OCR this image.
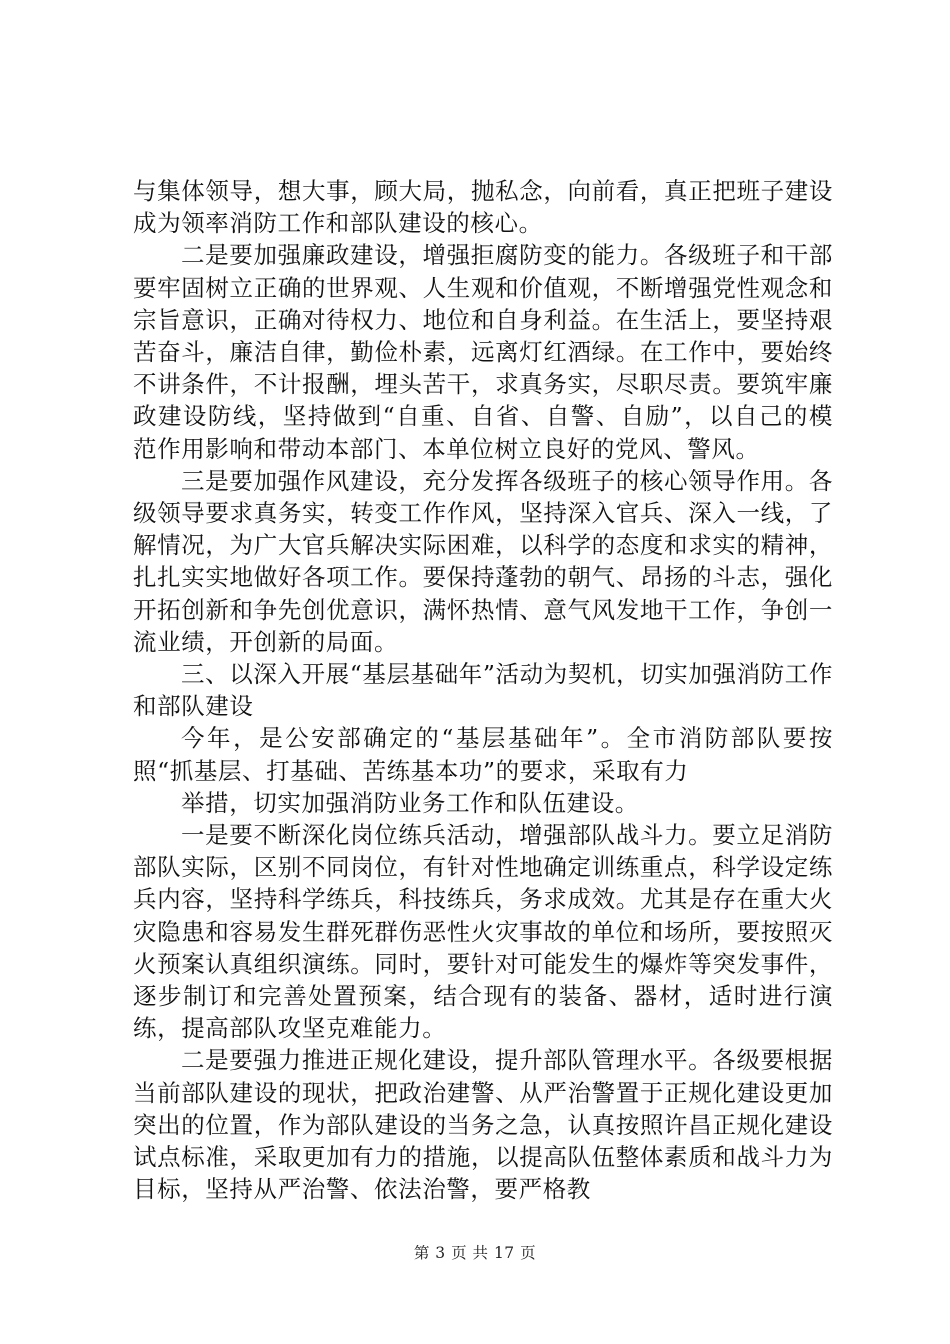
与集体领导，想大事，顾大局，抛私念，向前看，真正把班子建设成为领率消防工作和部队建设的核心。

二是要加强廉政建设，增强拒腐防变的能力。各级班子和干部要牢固树立正确的世界观、人生观和价值观，不断增强党性观念和宗旨意识，正确对待权力、地位和自身利益。在生活上，要坚持艰苦奋斗，廉洁自律，勤俭朴素，远离灯红酒绿。在工作中，要始终不讲条件，不计报酬，埋头苦干，求真务实，尽职尽责。要筑牢廉政建设防线，坚持做到“自重、自省、自警、自励”，以自己的模范作用影响和带动本部门、本单位树立良好的党风、警风。

三是要加强作风建设，充分发挥各级班子的核心领导作用。各级领导要求真务实，转变工作作风，坚持深入官兵、深入一线，了解情况，为广大官兵解决实际困难，以科学的态度和求实的精神，扎扎实实地做好各项工作。要保持蓬勃的朝气、昂扬的斗志，强化开拓创新和争先创优意识，满怀热情、意气风发地干工作，争创一流业绩，开创新的局面。

三、以深入开展“基层基础年”活动为契机，切实加强消防工作和部队建设

今年，是公安部确定的“基层基础年”。全市消防部队要按照“抓基层、打基础、苦练基本功”的要求，采取有力

举措，切实加强消防业务工作和队伍建设。

一是要不断深化岗位练兵活动，增强部队战斗力。要立足消防部队实际，区别不同岗位，有针对性地确定训练重点，科学设定练兵内容，坚持科学练兵，科技练兵，务求成效。尤其是存在重大火灾隐患和容易发生群死群伤恶性火灾事故的单位和场所，要按照灭火预案认真组织演练。同时，要针对可能发生的爆炸等突发事件，逐步制订和完善处置预案，结合现有的装备、器材，适时进行演练，提高部队攻坚克难能力。

二是要强力推进正规化建设，提升部队管理水平。各级要根据当前部队建设的现状，把政治建警、从严治警置于正规化建设更加突出的位置，作为部队建设的当务之急，认真按照许昌正规化建设试点标准，采取更加有力的措施，以提高队伍整体素质和战斗力为目标，坚持从严治警、依法治警，要严格教

第 3 页 共 17 页
